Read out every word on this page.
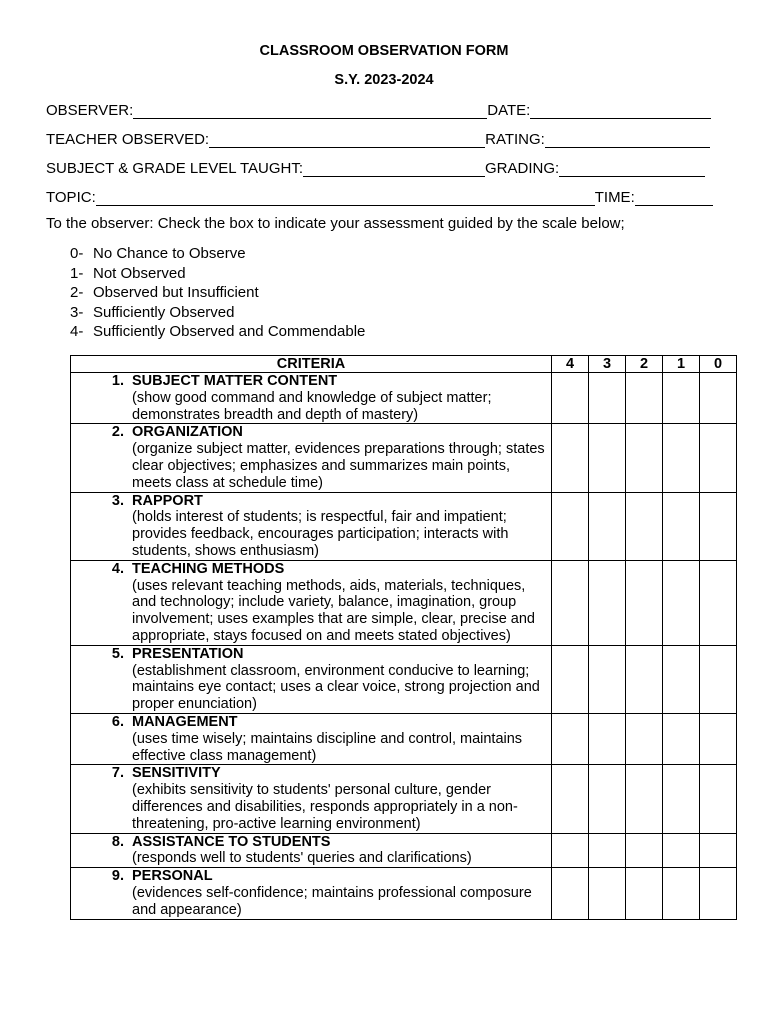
CLASSROOM OBSERVATION FORM
S.Y. 2023-2024
OBSERVER:	DATE:
TEACHER OBSERVED:	RATING:
SUBJECT & GRADE LEVEL TAUGHT:	GRADING:
TOPIC:	TIME:
To the observer: Check the box to indicate your assessment guided by the scale below;
0- No Chance to Observe
1- Not Observed
2- Observed but Insufficient
3- Sufficiently Observed
4- Sufficiently Observed and Commendable
CRITERIA	4	3	2	1	0

1. SUBJECT MATTER CONTENT
(show good command and knowledge of subject matter; demonstrates breadth and depth of mastery)					

2. ORGANIZATION
(organize subject matter, evidences preparations through; states clear objectives; emphasizes and summarizes main points, meets class at schedule time)					

3. RAPPORT
(holds interest of students; is respectful, fair and impatient; provides feedback, encourages participation; interacts with students, shows enthusiasm)					

4. TEACHING METHODS
(uses relevant teaching methods, aids, materials, techniques, and technology; include variety, balance, imagination, group involvement; uses examples that are simple, clear, precise and appropriate, stays focused on and meets stated objectives)					

5. PRESENTATION
(establishment classroom, environment conducive to learning; maintains eye contact; uses a clear voice, strong projection and proper enunciation)					

6. MANAGEMENT
(uses time wisely; maintains discipline and control, maintains effective class management)					

7. SENSITIVITY
(exhibits sensitivity to students' personal culture, gender differences and disabilities, responds appropriately in a non-threatening, pro-active learning environment)					

8. ASSISTANCE TO STUDENTS
(responds well to students' queries and clarifications)					

9. PERSONAL
(evidences self-confidence; maintains professional composure and appearance)					
